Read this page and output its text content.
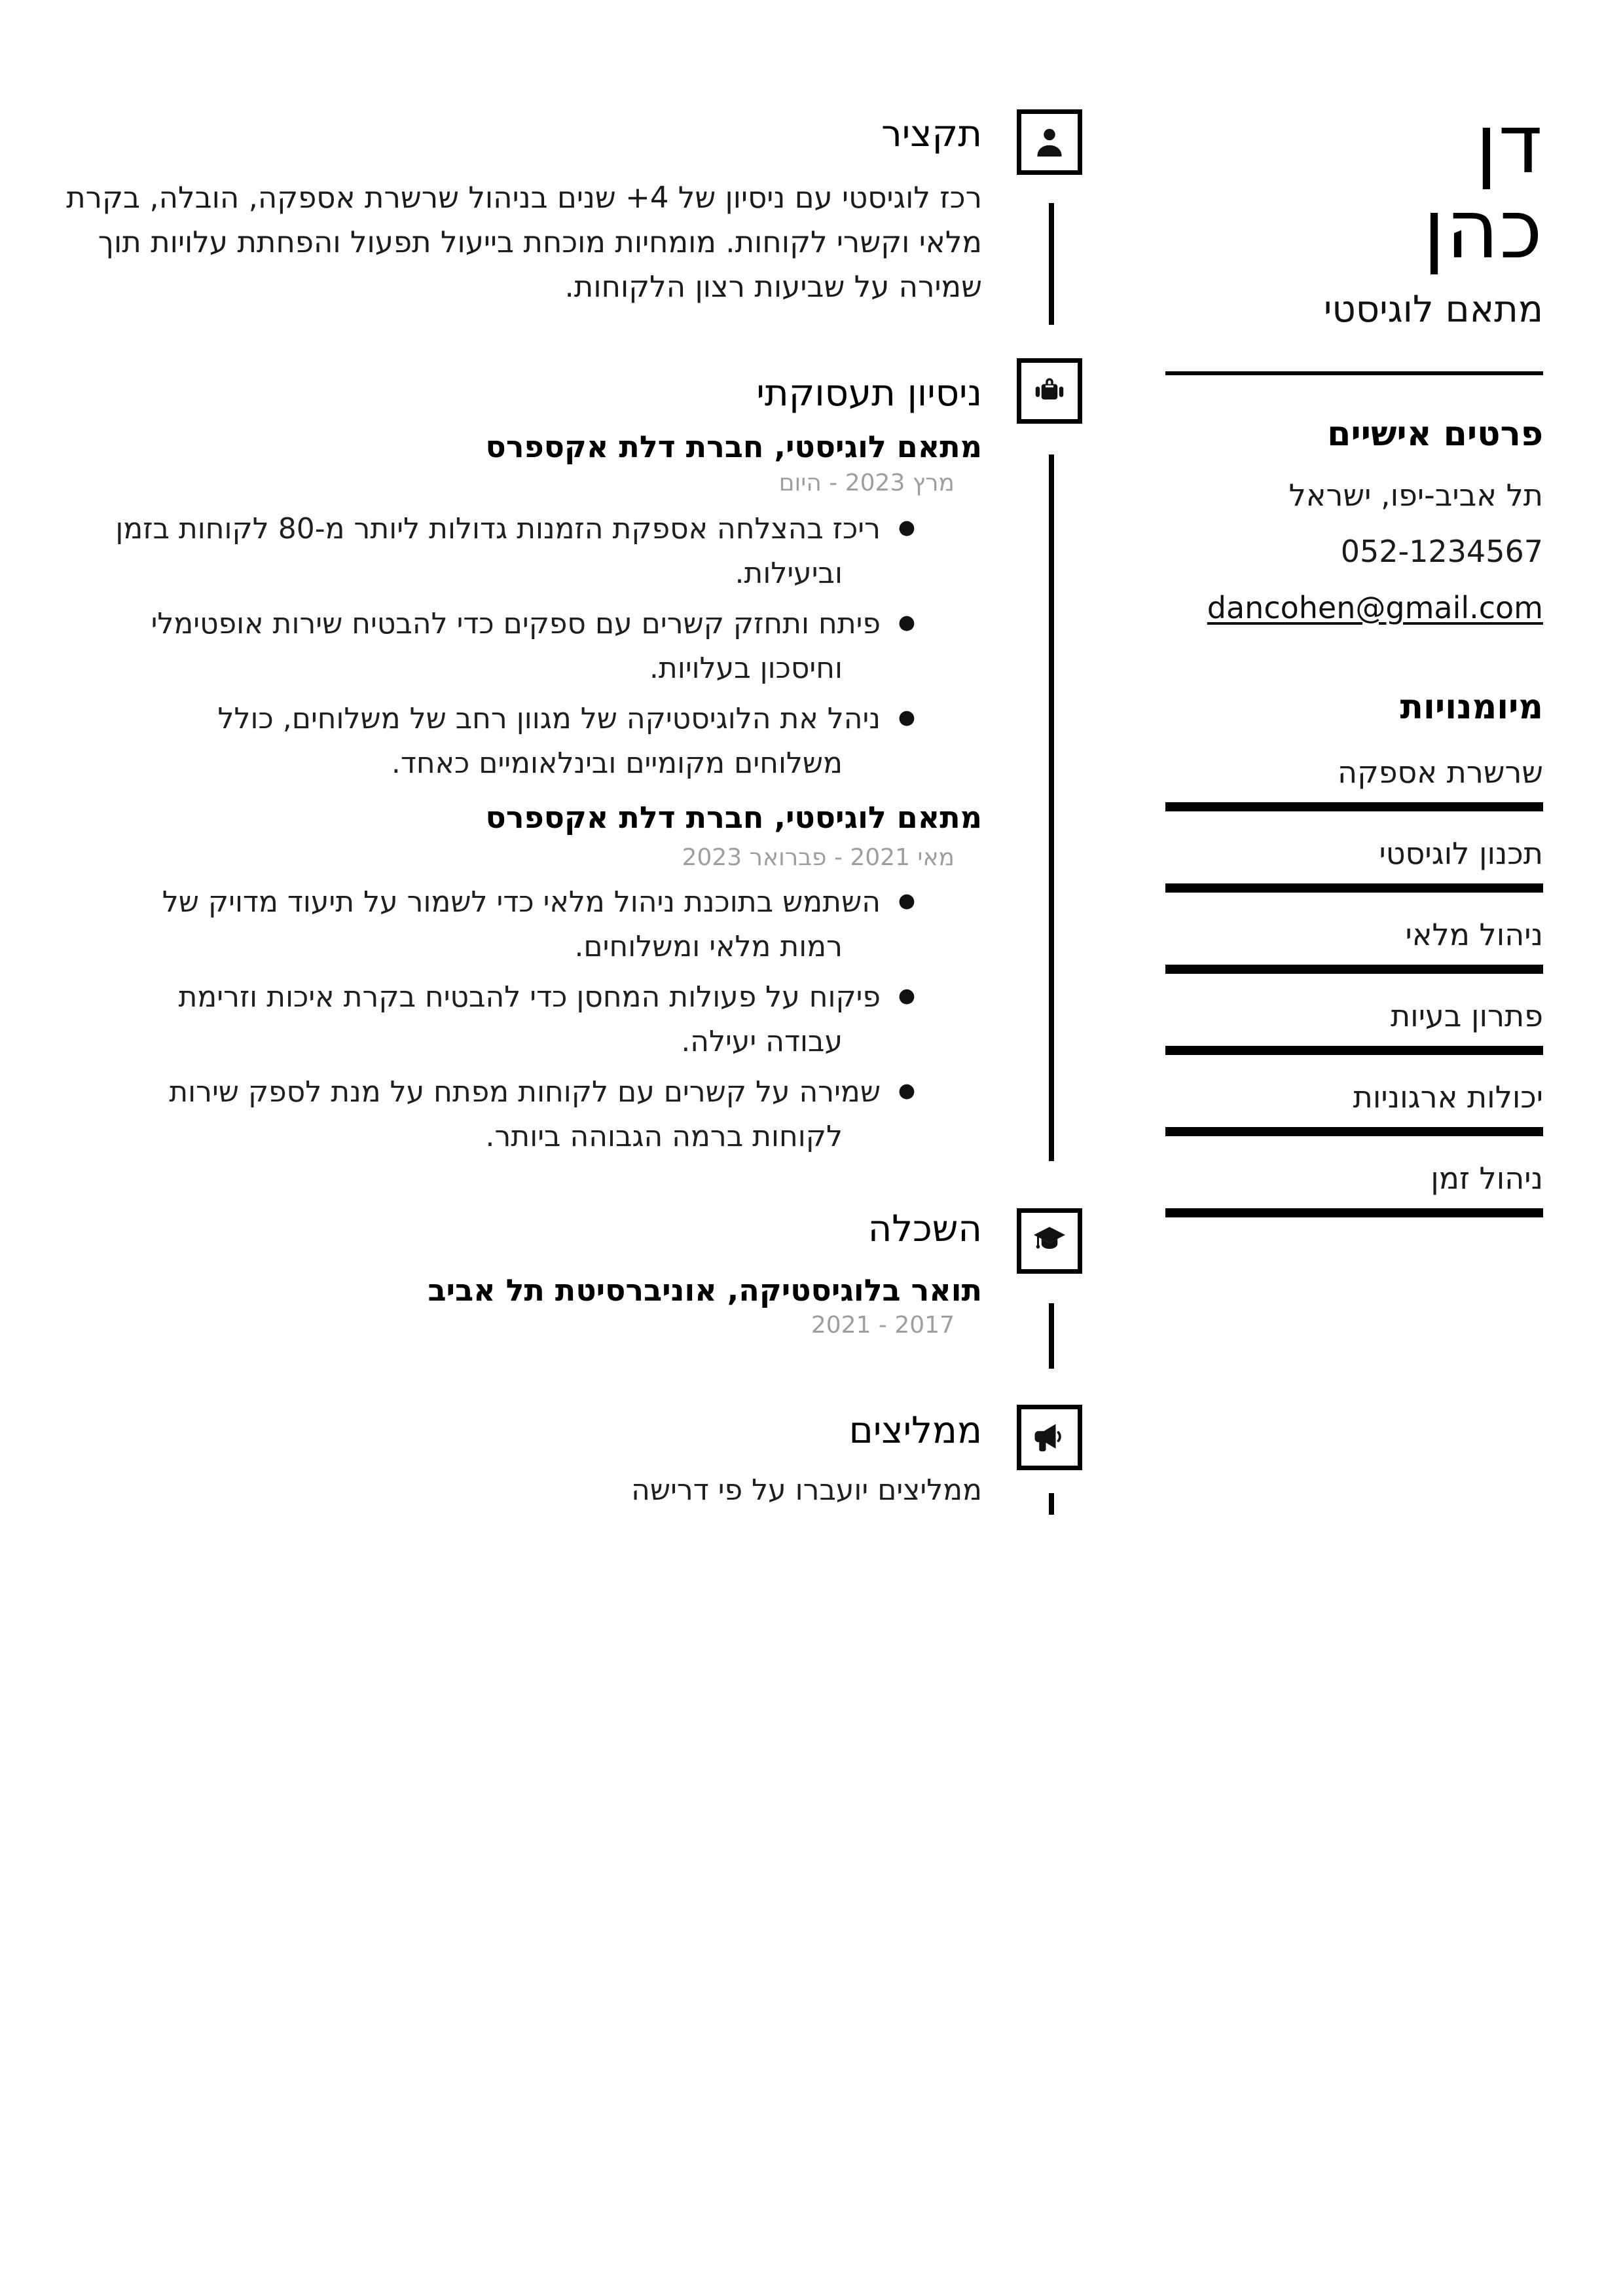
תקציר
רכז לוגיסטי עם ניסיון של 4+ שנים בניהול שרשרת אספקה, הובלה, בקרת מלאי וקשרי לקוחות. מומחיות מוכחת בייעול תפעול והפחתת עלויות תוך שמירה על שביעות רצון הלקוחות.
ניסיון תעסוקתי
מתאם לוגיסטי, חברת דלת אקספרס
מרץ 2023 - היום
●
ריכז בהצלחה אספקת הזמנות גדולות ליותר מ-80 לקוחות בזמן וביעילות.
●
פיתח ותחזק קשרים עם ספקים כדי להבטיח שירות אופטימלי וחיסכון בעלויות.
●
ניהל את הלוגיסטיקה של מגוון רחב של משלוחים, כולל משלוחים מקומיים ובינלאומיים כאחד.
מתאם לוגיסטי, חברת דלת אקספרס
מאי 2021 - פברואר 2023
●
השתמש בתוכנת ניהול מלאי כדי לשמור על תיעוד מדויק של רמות מלאי ומשלוחים.
●
פיקוח על פעולות המחסן כדי להבטיח בקרת איכות וזרימת עבודה יעילה.
●
שמירה על קשרים עם לקוחות מפתח על מנת לספק שירות לקוחות ברמה הגבוהה ביותר.
השכלה
תואר בלוגיסטיקה, אוניברסיטת תל אביב
2017 - 2021
ממליצים
ממליצים יועברו על פי דרישה
דן
כהן
מתאם לוגיסטי
פרטים אישיים
תל אביב-יפו, ישראל
052-1234567
dancohen@gmail.com
מיומנויות
שרשרת אספקה
תכנון לוגיסטי
ניהול מלאי
פתרון בעיות
יכולות ארגוניות
ניהול זמן
